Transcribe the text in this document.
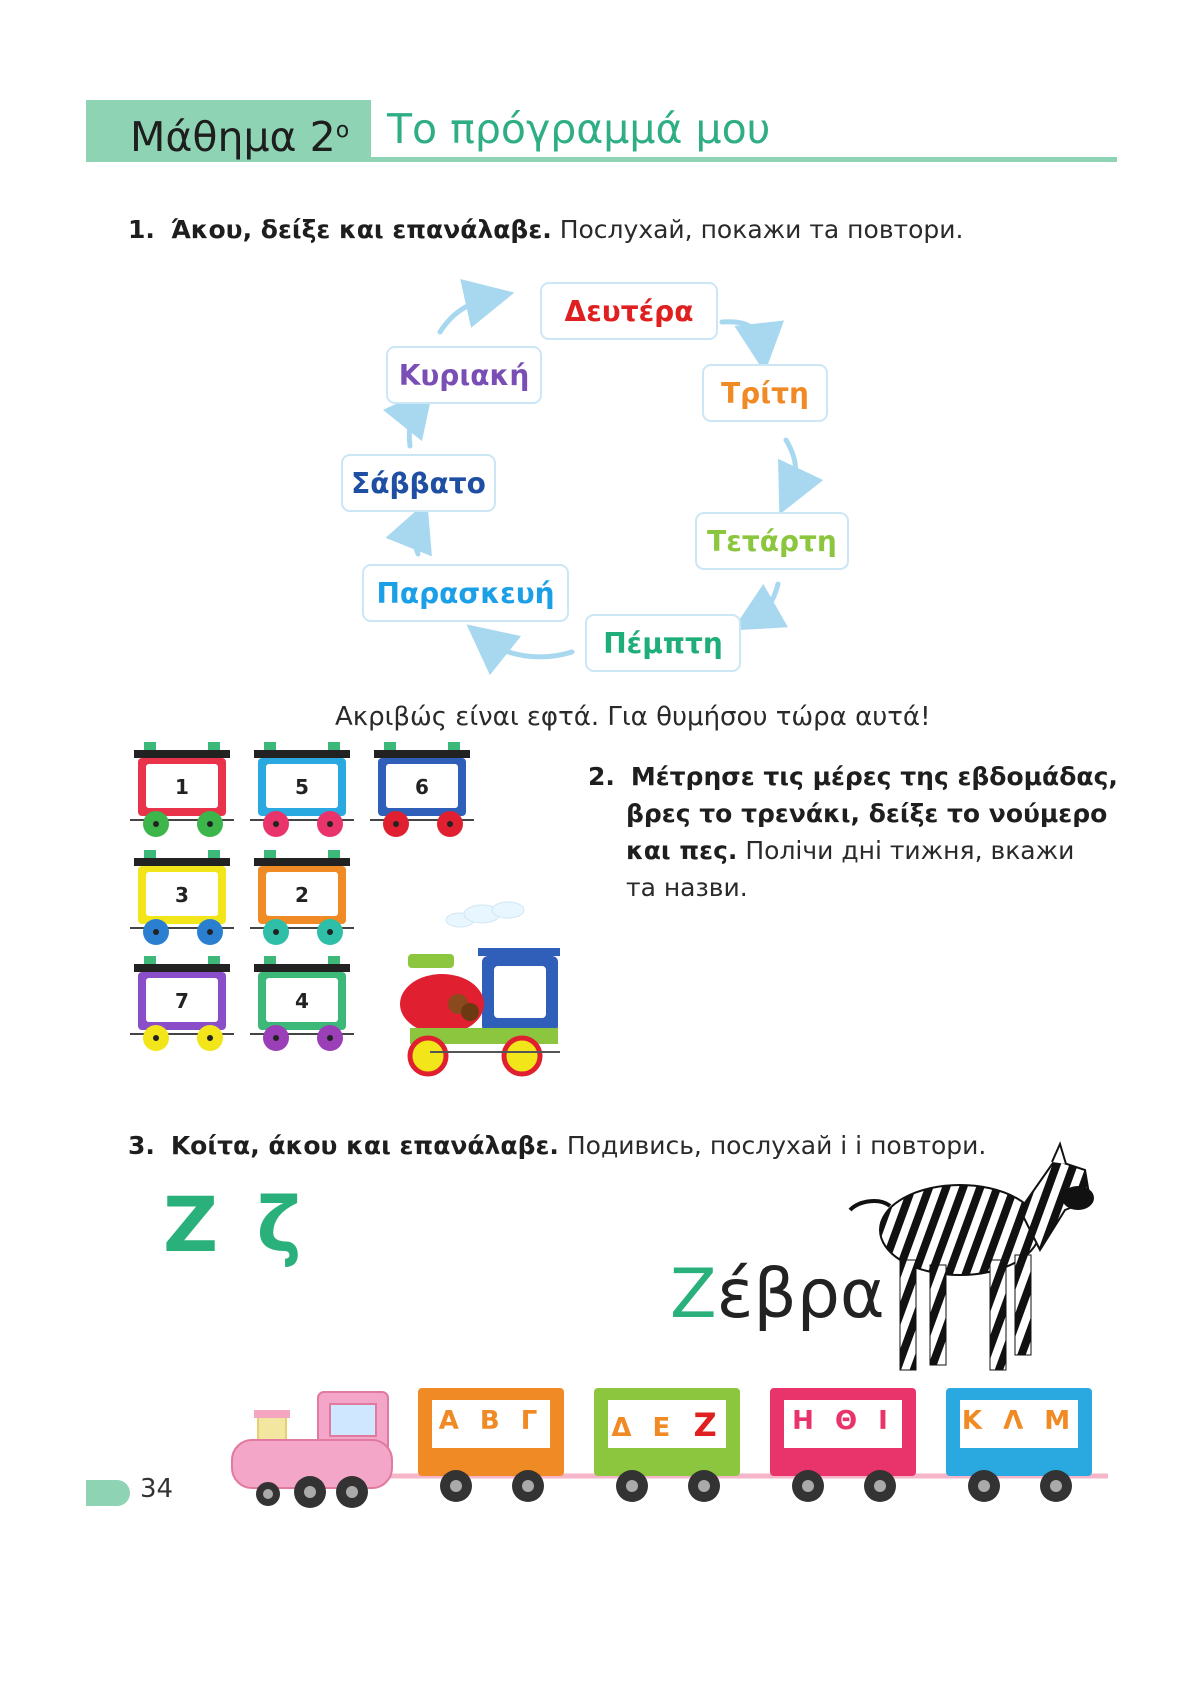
Μάθημα $2^o$ Το πρόγραμμά μου
1. Άκου, δείξε και επανάλαβε. Послухай, покажи та повтори.
Δευτέρα
Τρίτη
Τετάρτη
Πέμπτη
Παρασκευή
Σάββατο
Κυριακή
Ακριβώς είναι εφτά. Για θυμήσου τώρα αυτά!
1	5	6
3	2
7	4
2. Μέτρησε τις μέρες της εβδομάδας,
βρες το τρενάκι, δείξε το νούμερο
και πες. Полічи дні тижня, вкажи
та назви.
3. Κοίτα, άκου και επανάλαβε. Подивись, послухай і і повтори.
Ζ ζ
Ζέβρα
Α Β Γ	Δ Ε Ζ	Η Θ Ι	Κ Λ Μ
34
